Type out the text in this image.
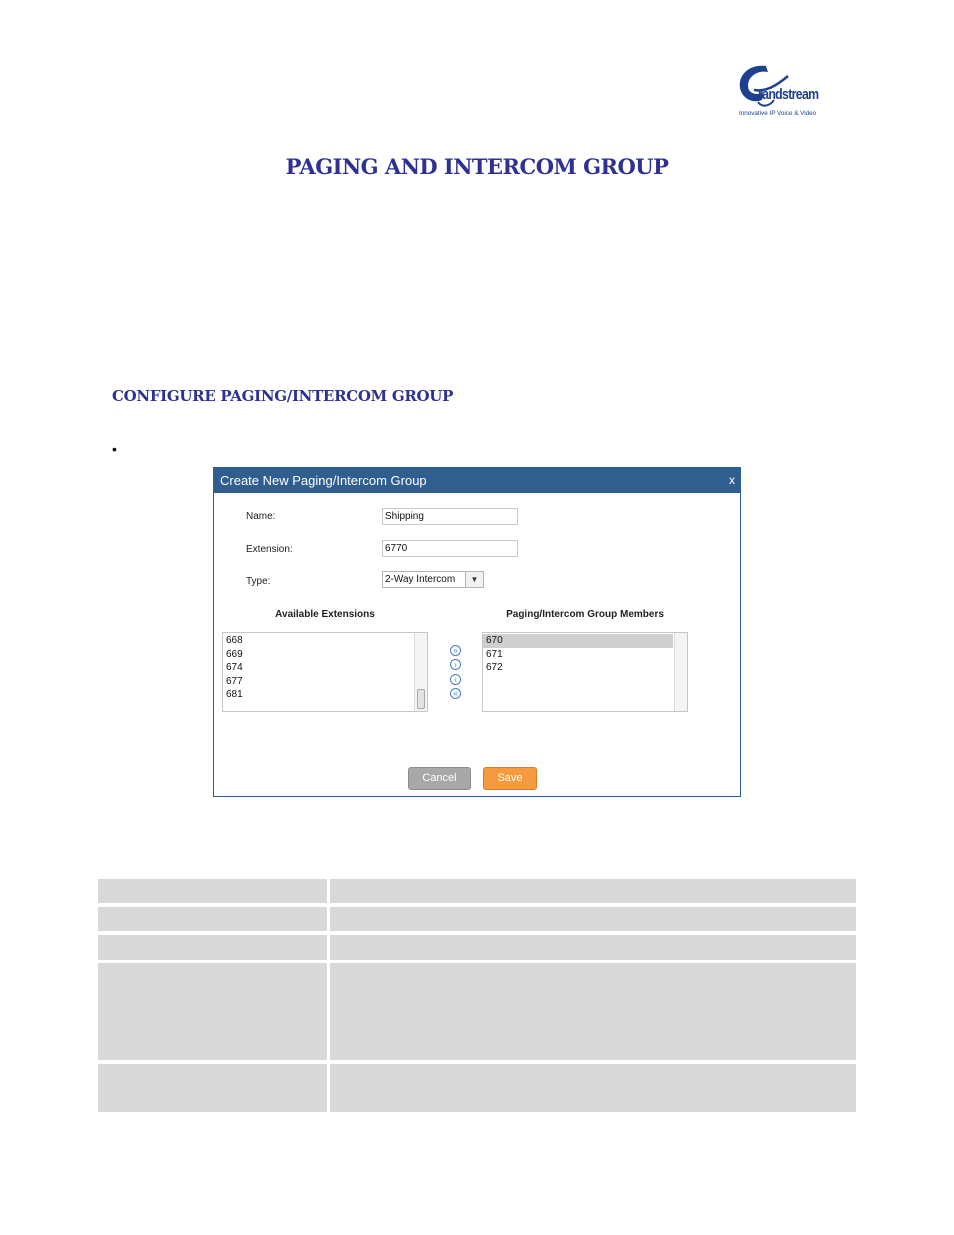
randstream
Innovative IP Voice & Video
PAGING AND INTERCOM GROUP
CONFIGURE PAGING/INTERCOM GROUP
•
Create New Paging/Intercom Group	x
Name:	Shipping
Extension:	6770
Type:	2-Way Intercom	▼
Available Extensions	Paging/Intercom Group Members
668
669
674
677
681
»
›
‹
«
670
671
672
Cancel	Save
